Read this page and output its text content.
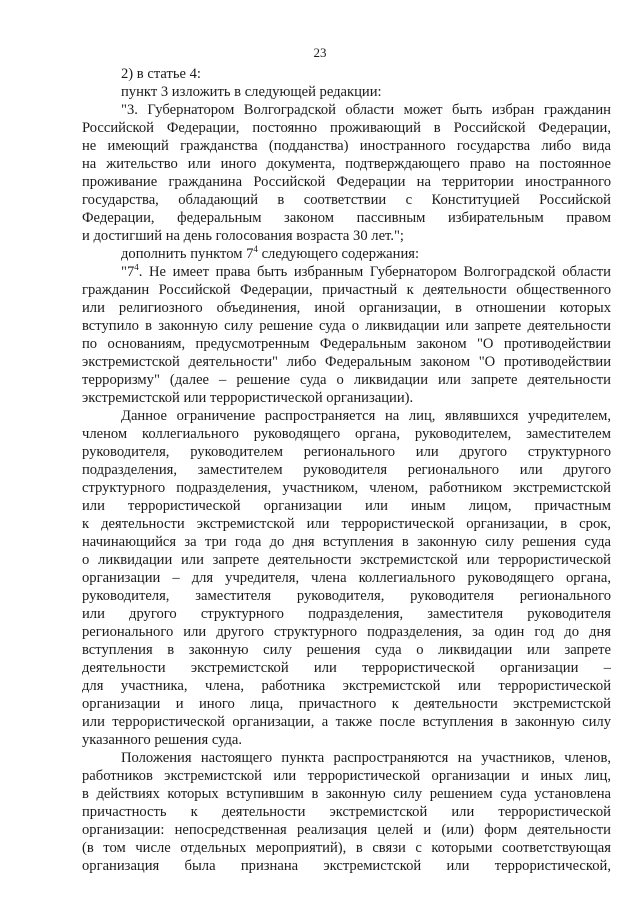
23
2) в статье 4:
пункт 3 изложить в следующей редакции:
"3. Губернатором Волгоградской области может быть избран гражданин
Российской Федерации, постоянно проживающий в Российской Федерации,
не имеющий гражданства (подданства) иностранного государства либо вида
на жительство или иного документа, подтверждающего право на постоянное
проживание гражданина Российской Федерации на территории иностранного
государства, обладающий в соответствии с Конституцией Российской
Федерации, федеральным законом пассивным избирательным правом
и достигший на день голосования возраста 30 лет.";
дополнить пунктом $7^4$ следующего содержания:
"$7^4$. Не имеет права быть избранным Губернатором Волгоградской области
гражданин Российской Федерации, причастный к деятельности общественного
или религиозного объединения, иной организации, в отношении которых
вступило в законную силу решение суда о ликвидации или запрете деятельности
по основаниям, предусмотренным Федеральным законом "О противодействии
экстремистской деятельности" либо Федеральным законом "О противодействии
терроризму" (далее – решение суда о ликвидации или запрете деятельности
экстремистской или террористической организации).
Данное ограничение распространяется на лиц, являвшихся учредителем,
членом коллегиального руководящего органа, руководителем, заместителем
руководителя, руководителем регионального или другого структурного
подразделения, заместителем руководителя регионального или другого
структурного подразделения, участником, членом, работником экстремистской
или террористической организации или иным лицом, причастным
к деятельности экстремистской или террористической организации, в срок,
начинающийся за три года до дня вступления в законную силу решения суда
о ликвидации или запрете деятельности экстремистской или террористической
организации – для учредителя, члена коллегиального руководящего органа,
руководителя, заместителя руководителя, руководителя регионального
или другого структурного подразделения, заместителя руководителя
регионального или другого структурного подразделения, за один год до дня
вступления в законную силу решения суда о ликвидации или запрете
деятельности экстремистской или террористической организации –
для участника, члена, работника экстремистской или террористической
организации и иного лица, причастного к деятельности экстремистской
или террористической организации, а также после вступления в законную силу
указанного решения суда.
Положения настоящего пункта распространяются на участников, членов,
работников экстремистской или террористической организации и иных лиц,
в действиях которых вступившим в законную силу решением суда установлена
причастность к деятельности экстремистской или террористической
организации: непосредственная реализация целей и (или) форм деятельности
(в том числе отдельных мероприятий), в связи с которыми соответствующая
организация была признана экстремистской или террористической,
